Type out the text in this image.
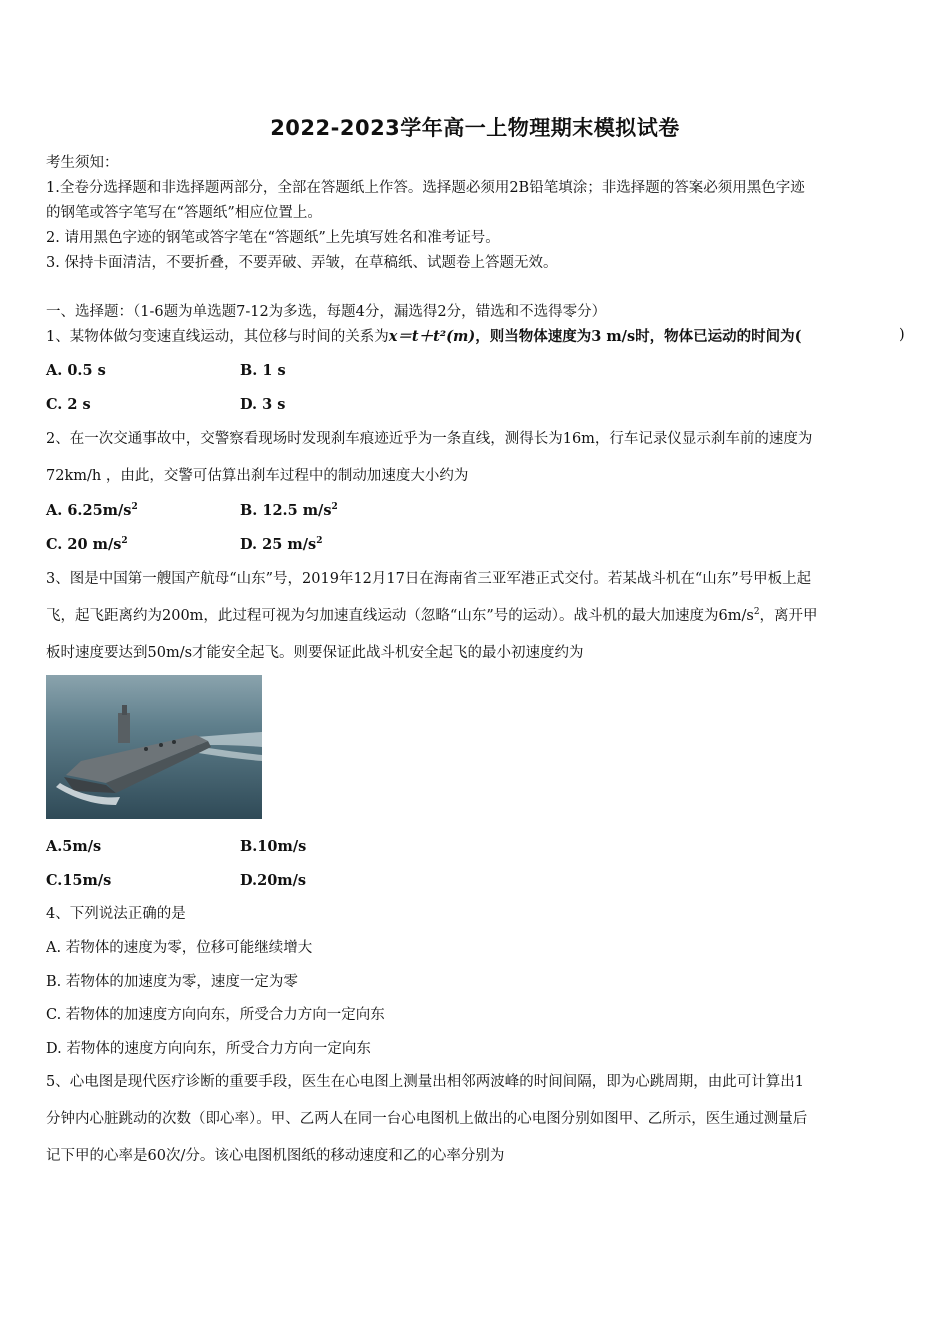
2022-2023学年高一上物理期末模拟试卷
考生须知：
1.全卷分选择题和非选择题两部分，全部在答题纸上作答。选择题必须用2B铅笔填涂；非选择题的答案必须用黑色字迹
的钢笔或答字笔写在“答题纸”相应位置上。
2. 请用黑色字迹的钢笔或答字笔在“答题纸”上先填写姓名和准考证号。
3. 保持卡面清洁，不要折叠，不要弄破、弄皱，在草稿纸、试题卷上答题无效。
一、选择题：（1-6题为单选题7-12为多选，每题4分，漏选得2分，错选和不选得零分）
1、某物体做匀变速直线运动，其位移与时间的关系为x＝t＋t²(m)，则当物体速度为3 m/s时，物体已运动的时间为(	)
A. 0.5 s	B. 1 s
C. 2 s	D. 3 s
2、在一次交通事故中，交警察看现场时发现刹车痕迹近乎为一条直线，测得长为16m，行车记录仪显示刹车前的速度为
72km/h ，由此，交警可估算出刹车过程中的制动加速度大小约为
A. $6.25m/s^2$	B. 12.5 $m/s^2$
C. 20 $m/s^2$	D. 25 $m/s^2$
3、图是中国第一艘国产航母“山东”号，2019年12月17日在海南省三亚军港正式交付。若某战斗机在“山东”号甲板上起
飞，起飞距离约为200m，此过程可视为匀加速直线运动（忽略“山东”号的运动）。战斗机的最大加速度为$6m/s^2$，离开甲
板时速度要达到50m/s才能安全起飞。则要保证此战斗机安全起飞的最小初速度约为
A.5m/s	B.10m/s
C.15m/s	D.20m/s
4、下列说法正确的是
A. 若物体的速度为零，位移可能继续增大
B. 若物体的加速度为零，速度一定为零
C. 若物体的加速度方向向东，所受合力方向一定向东
D. 若物体的速度方向向东，所受合力方向一定向东
5、心电图是现代医疗诊断的重要手段，医生在心电图上测量出相邻两波峰的时间间隔，即为心跳周期，由此可计算出1
分钟内心脏跳动的次数（即心率）。甲、乙两人在同一台心电图机上做出的心电图分别如图甲、乙所示，医生通过测量后
记下甲的心率是60次/分。该心电图机图纸的移动速度和乙的心率分别为
